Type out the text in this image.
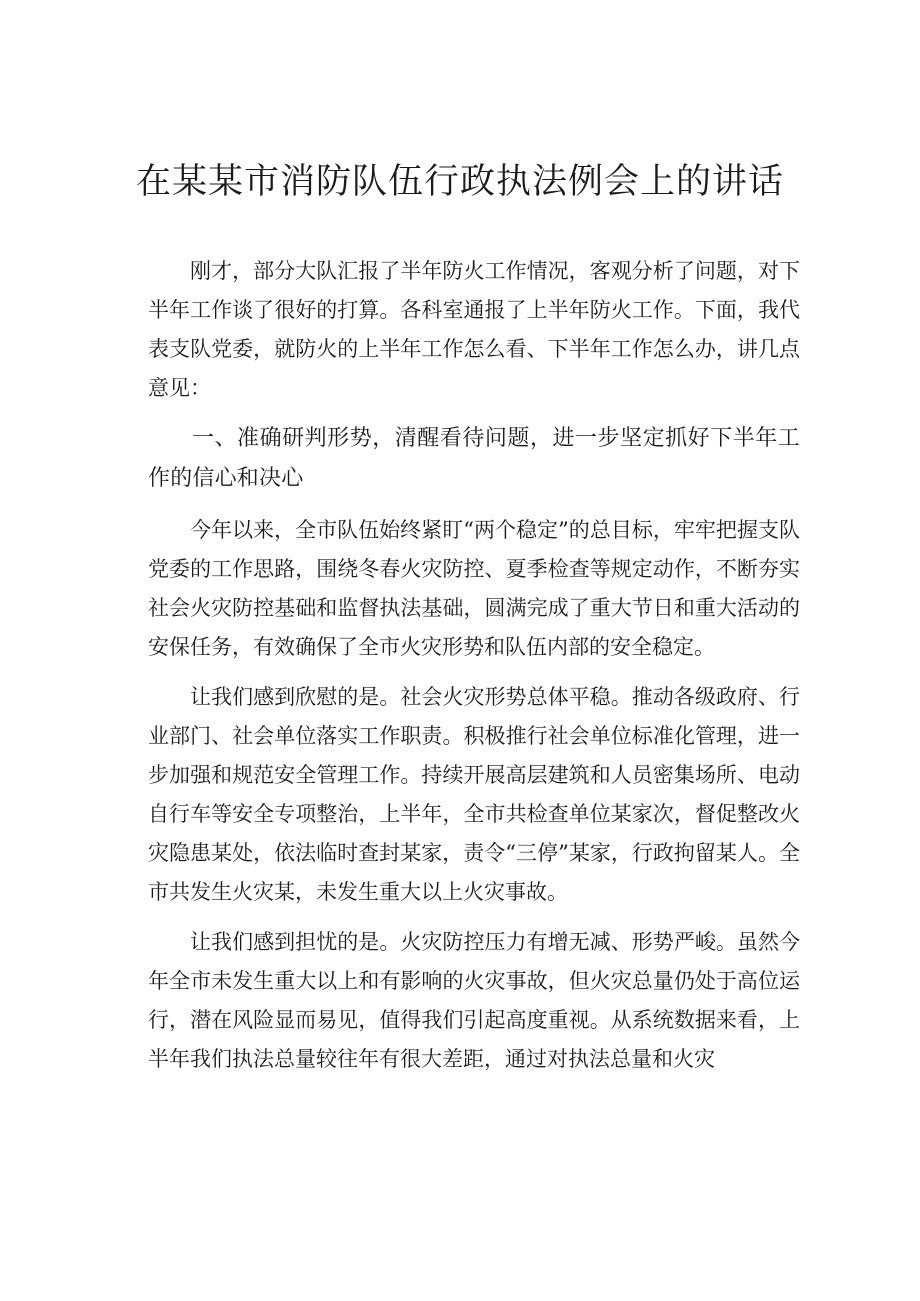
在某某市消防队伍行政执法例会上的讲话

刚才，部分大队汇报了半年防火工作情况，客观分析了问题，对下半年工作谈了很好的打算。各科室通报了上半年防火工作。下面，我代表支队党委，就防火的上半年工作怎么看、下半年工作怎么办，讲几点意见：

一、准确研判形势，清醒看待问题，进一步坚定抓好下半年工作的信心和决心

今年以来，全市队伍始终紧盯“两个稳定”的总目标，牢牢把握支队党委的工作思路，围绕冬春火灾防控、夏季检查等规定动作，不断夯实社会火灾防控基础和监督执法基础，圆满完成了重大节日和重大活动的安保任务，有效确保了全市火灾形势和队伍内部的安全稳定。

让我们感到欣慰的是。社会火灾形势总体平稳。推动各级政府、行业部门、社会单位落实工作职责。积极推行社会单位标准化管理，进一步加强和规范安全管理工作。持续开展高层建筑和人员密集场所、电动自行车等安全专项整治，上半年，全市共检查单位某家次，督促整改火灾隐患某处，依法临时查封某家，责令“三停”某家，行政拘留某人。全市共发生火灾某，未发生重大以上火灾事故。

让我们感到担忧的是。火灾防控压力有增无减、形势严峻。虽然今年全市未发生重大以上和有影响的火灾事故，但火灾总量仍处于高位运行，潜在风险显而易见，值得我们引起高度重视。从系统数据来看，上半年我们执法总量较往年有很大差距，通过对执法总量和火灾
